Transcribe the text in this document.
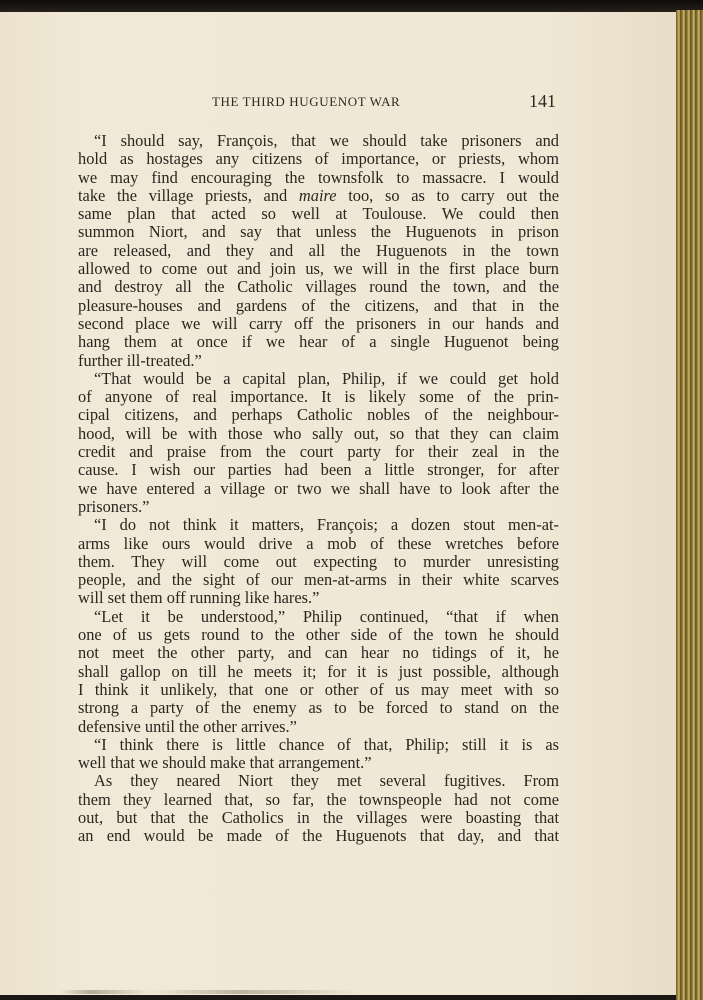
THE THIRD HUGUENOT WAR	141
“I should say, François, that we should take prisoners and
hold as hostages any citizens of importance, or priests, whom
we may find encouraging the townsfolk to massacre. I would
take the village priests, and maire too, so as to carry out the
same plan that acted so well at Toulouse. We could then
summon Niort, and say that unless the Huguenots in prison
are released, and they and all the Huguenots in the town
allowed to come out and join us, we will in the first place burn
and destroy all the Catholic villages round the town, and the
pleasure-houses and gardens of the citizens, and that in the
second place we will carry off the prisoners in our hands and
hang them at once if we hear of a single Huguenot being
further ill-treated.”
“That would be a capital plan, Philip, if we could get hold
of anyone of real importance. It is likely some of the prin-
cipal citizens, and perhaps Catholic nobles of the neighbour-
hood, will be with those who sally out, so that they can claim
credit and praise from the court party for their zeal in the
cause. I wish our parties had been a little stronger, for after
we have entered a village or two we shall have to look after the
prisoners.”
“I do not think it matters, François; a dozen stout men-at-
arms like ours would drive a mob of these wretches before
them. They will come out expecting to murder unresisting
people, and the sight of our men-at-arms in their white scarves
will set them off running like hares.”
“Let it be understood,” Philip continued, “that if when
one of us gets round to the other side of the town he should
not meet the other party, and can hear no tidings of it, he
shall gallop on till he meets it; for it is just possible, although
I think it unlikely, that one or other of us may meet with so
strong a party of the enemy as to be forced to stand on the
defensive until the other arrives.”
“I think there is little chance of that, Philip; still it is as
well that we should make that arrangement.”
As they neared Niort they met several fugitives. From
them they learned that, so far, the townspeople had not come
out, but that the Catholics in the villages were boasting that
an end would be made of the Huguenots that day, and that
